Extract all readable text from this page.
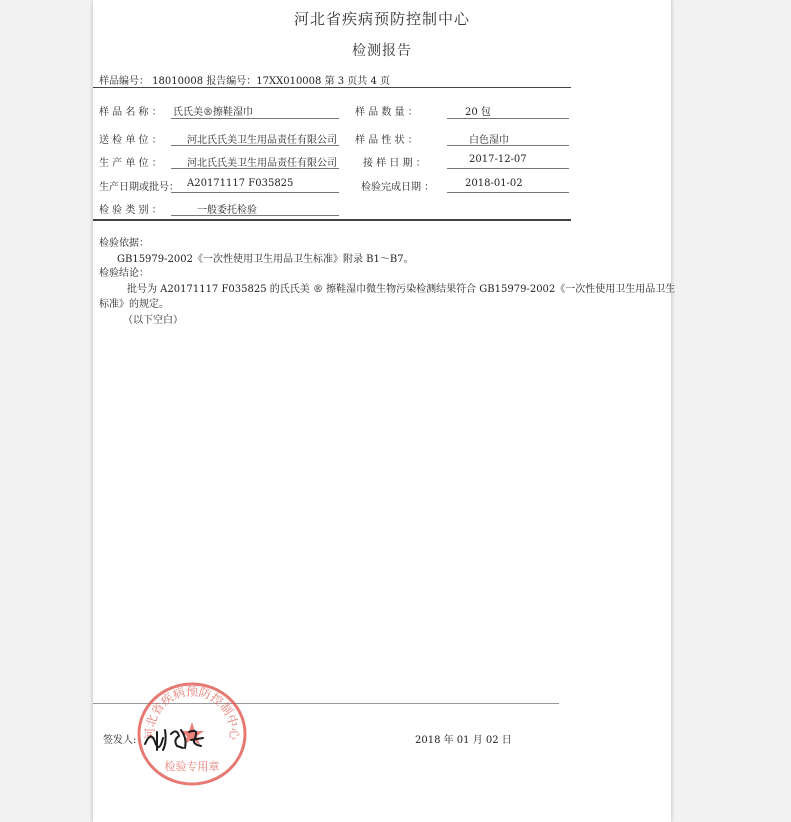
河北省疾病预防控制中心
检测报告
样品编号： 18010008 报告编号：17XX010008 第 3 页共 4 页
样 品 名 称 ： 氏氏美®擦鞋湿巾	样 品 数 量 ：	20 包
送 检 单 位 ：	河北氏氏美卫生用品责任有限公司 样 品 性 状 ：	白色湿巾
生 产 单 位 ：	河北氏氏美卫生用品责任有限公司	接 样 日 期 ：	2017-12-07
生产日期或批号： A20171117 F035825	检验完成日期 ：	2018-01-02
检 验 类 别 ：	一般委托检验
检验依据：
GB15979-2002《一次性使用卫生用品卫生标准》附录 B1～B7。
检验结论：
批号为 A20171117 F035825 的氏氏美 ® 擦鞋湿巾微生物污染检测结果符合 GB15979-2002《一次性使用卫生用品卫生
标准》的规定。
（以下空白）
河北省疾病预防控制中心
检验专用章
签发人:	2018 年 01 月 02 日
